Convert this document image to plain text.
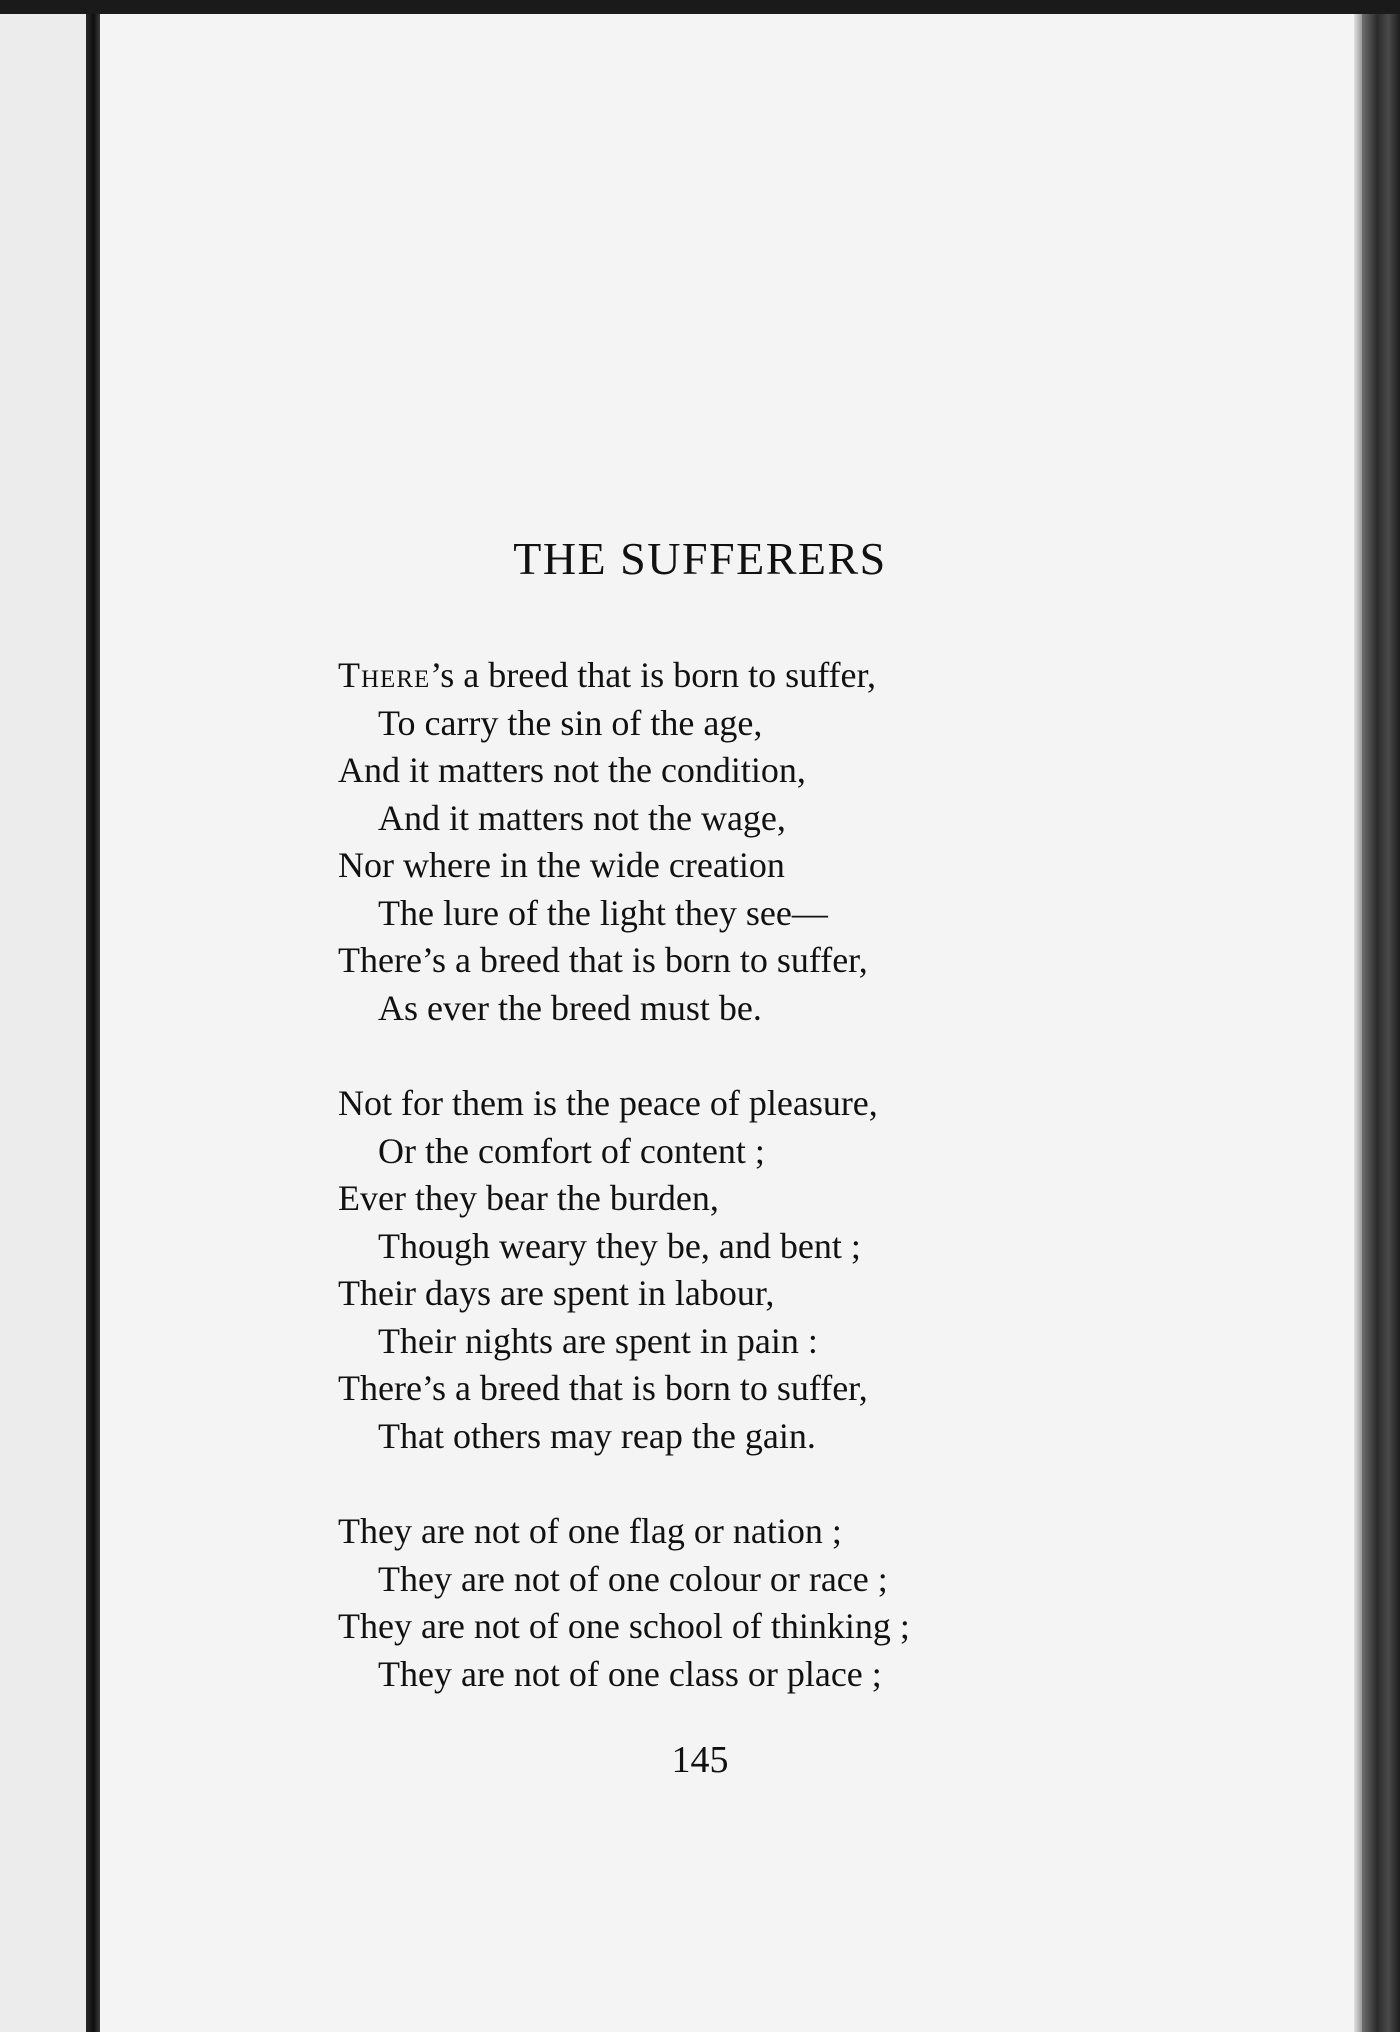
THE SUFFERERS
There’s a breed that is born to suffer,
To carry the sin of the age,
And it matters not the condition,
And it matters not the wage,
Nor where in the wide creation
The lure of the light they see—
There’s a breed that is born to suffer,
As ever the breed must be.
Not for them is the peace of pleasure,
Or the comfort of content ;
Ever they bear the burden,
Though weary they be, and bent ;
Their days are spent in labour,
Their nights are spent in pain :
There’s a breed that is born to suffer,
That others may reap the gain.
They are not of one flag or nation ;
They are not of one colour or race ;
They are not of one school of thinking ;
They are not of one class or place ;
145
